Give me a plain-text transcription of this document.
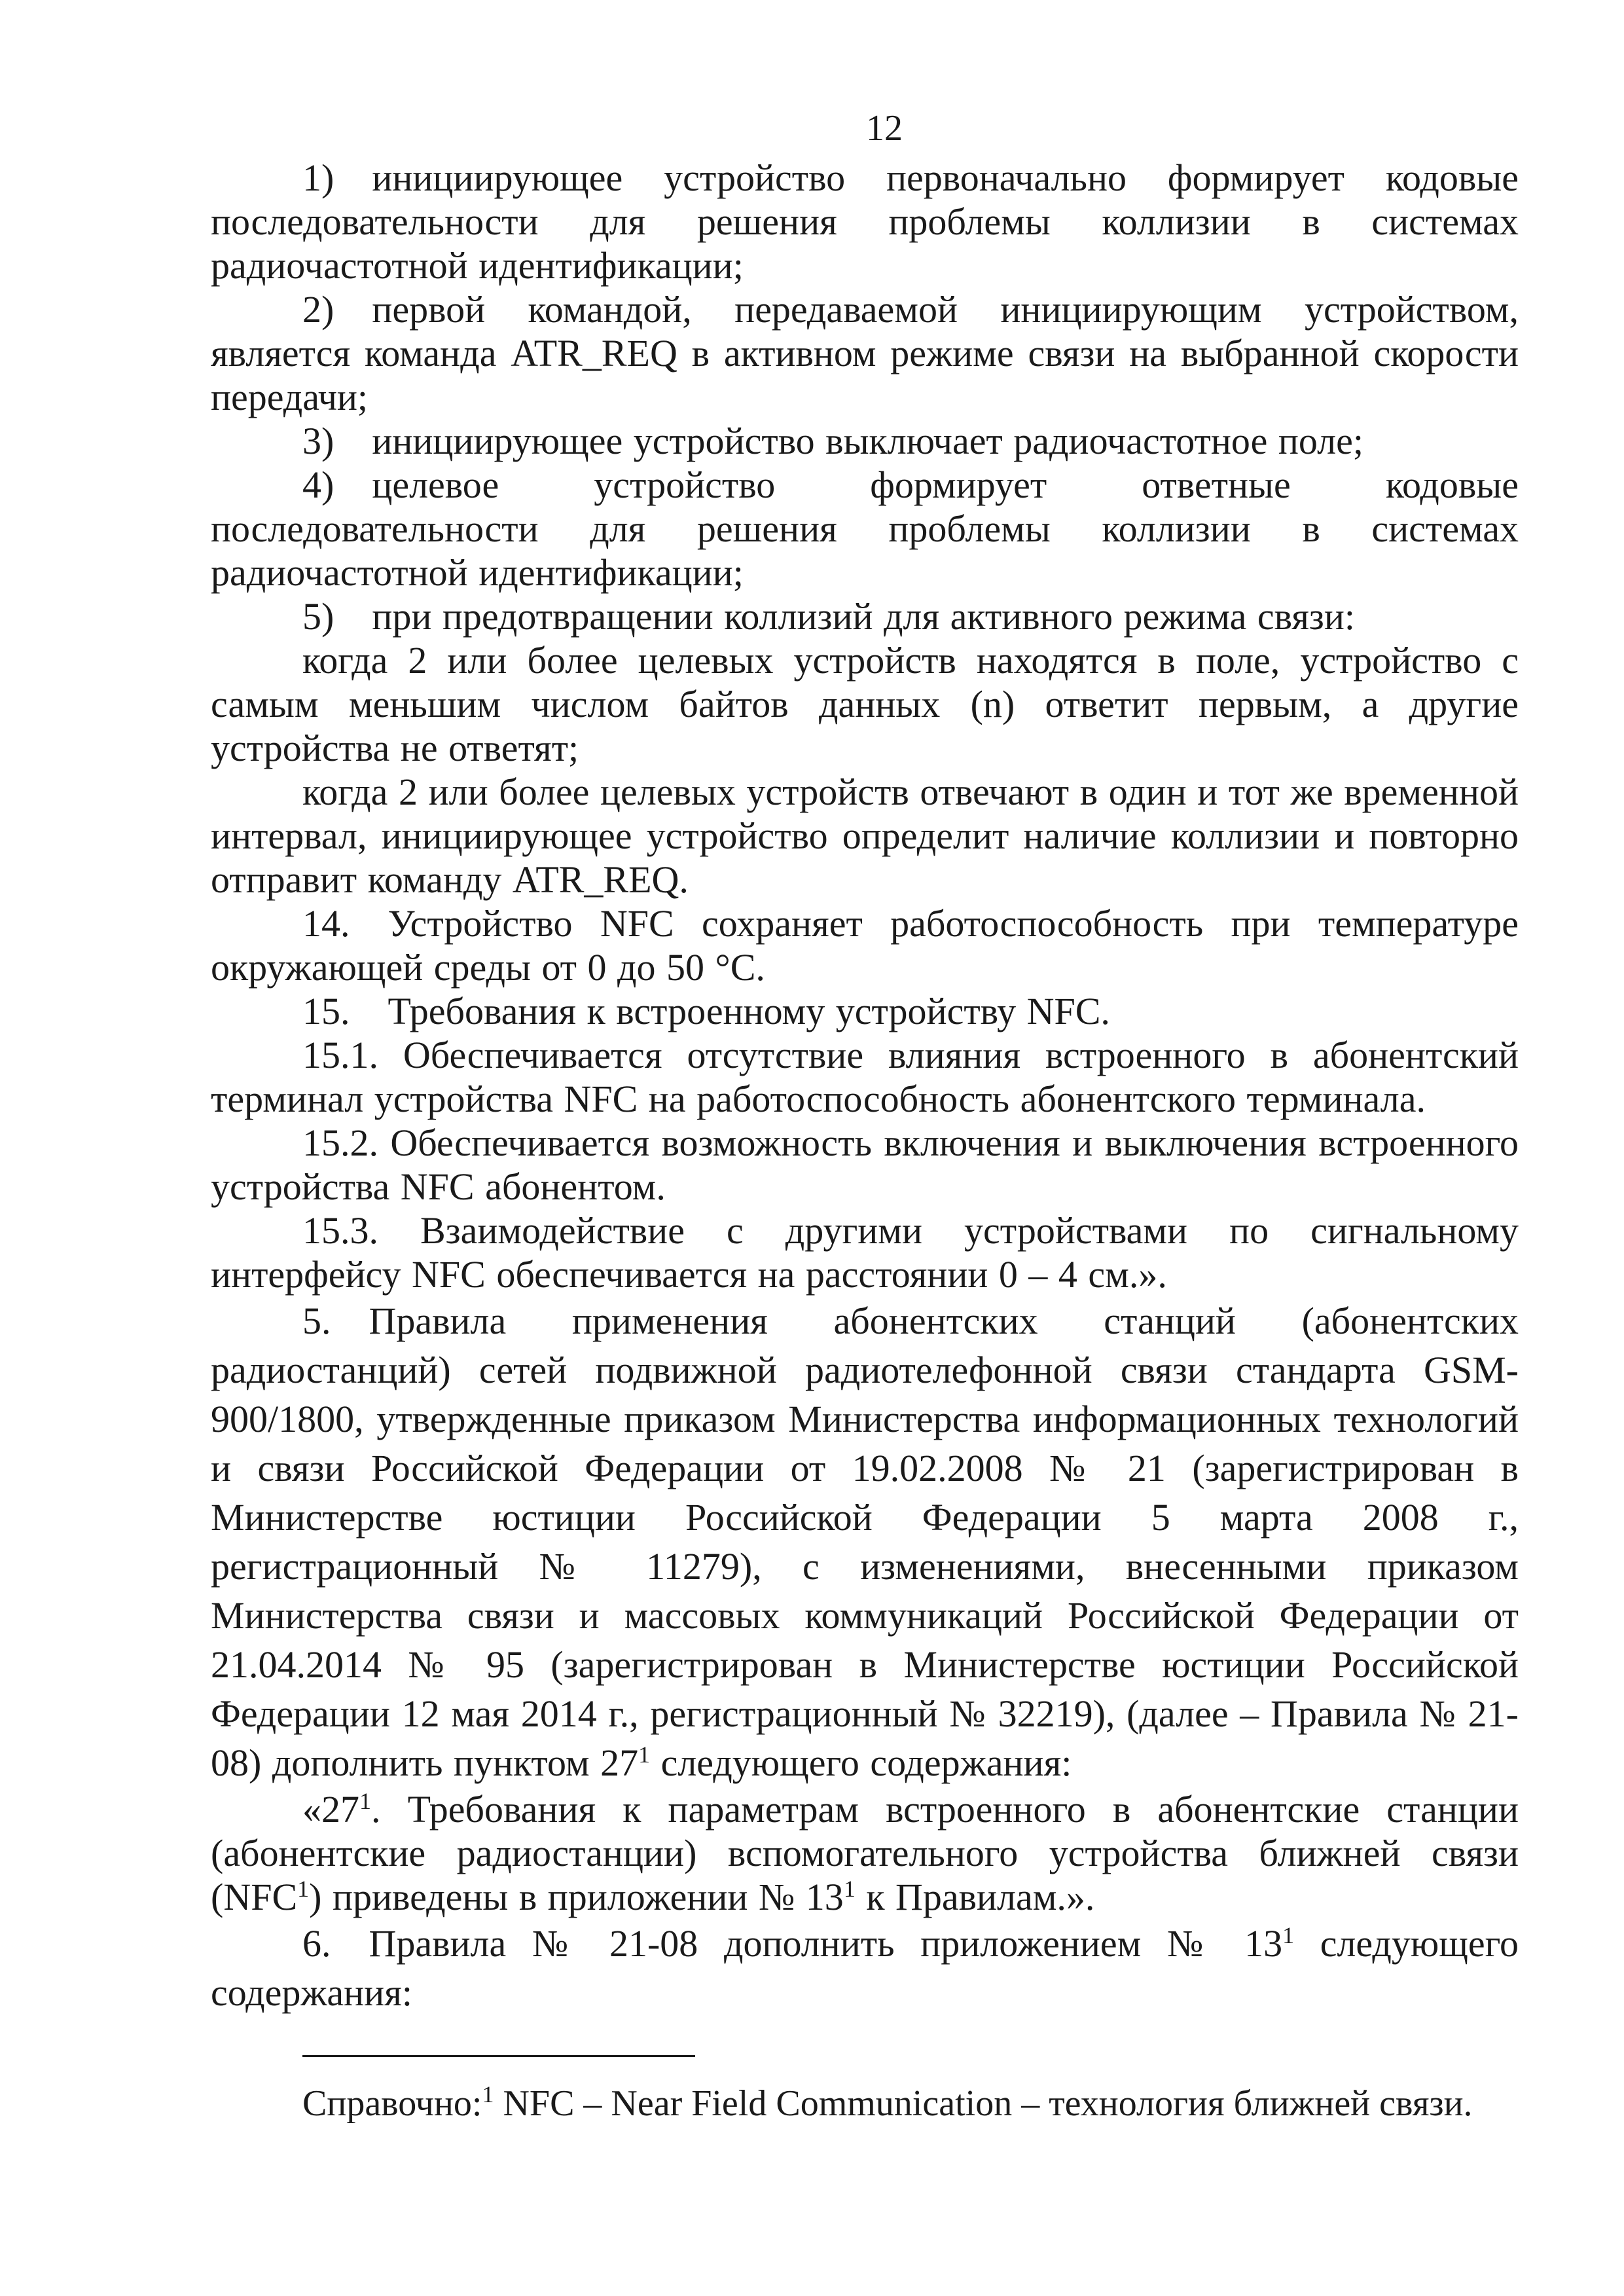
12

1) инициирующее устройство первоначально формирует кодовые последовательности для решения проблемы коллизии в системах радиочастотной идентификации;

2) первой командой, передаваемой инициирующим устройством, является команда ATR_REQ в активном режиме связи на выбранной скорости передачи;

3) инициирующее устройство выключает радиочастотное поле;

4) целевое устройство формирует ответные кодовые последовательности для решения проблемы коллизии в системах радиочастотной идентификации;

5) при предотвращении коллизий для активного режима связи:

когда 2 или более целевых устройств находятся в поле, устройство с самым меньшим числом байтов данных (n) ответит первым, а другие устройства не ответят;

когда 2 или более целевых устройств отвечают в один и тот же временной интервал, инициирующее устройство определит наличие коллизии и повторно отправит команду ATR_REQ.

14. Устройство NFC сохраняет работоспособность при температуре окружающей среды от 0 до 50 °С.

15. Требования к встроенному устройству NFC.

15.1. Обеспечивается отсутствие влияния встроенного в абонентский терминал устройства NFC на работоспособность абонентского терминала.

15.2. Обеспечивается возможность включения и выключения встроенного устройства NFC абонентом.

15.3. Взаимодействие с другими устройствами по сигнальному интерфейсу NFC обеспечивается на расстоянии 0 – 4 см.».

5. Правила применения абонентских станций (абонентских радиостанций) сетей подвижной радиотелефонной связи стандарта GSM-900/1800, утвержденные приказом Министерства информационных технологий и связи Российской Федерации от 19.02.2008 № 21 (зарегистрирован в Министерстве юстиции Российской Федерации 5 марта 2008 г., регистрационный № 11279), с изменениями, внесенными приказом Министерства связи и массовых коммуникаций Российской Федерации от 21.04.2014 № 95 (зарегистрирован в Министерстве юстиции Российской Федерации 12 мая 2014 г., регистрационный № 32219), (далее – Правила № 21-08) дополнить пунктом $27^1$ следующего содержания:

«$27^1$. Требования к параметрам встроенного в абонентские станции (абонентские радиостанции) вспомогательного устройства ближней связи (NFC$^1$) приведены в приложении № $13^1$ к Правилам.».

6. Правила № 21-08 дополнить приложением № $13^1$ следующего содержания:

Справочно:$^1$ NFC – Near Field Communication – технология ближней связи.
